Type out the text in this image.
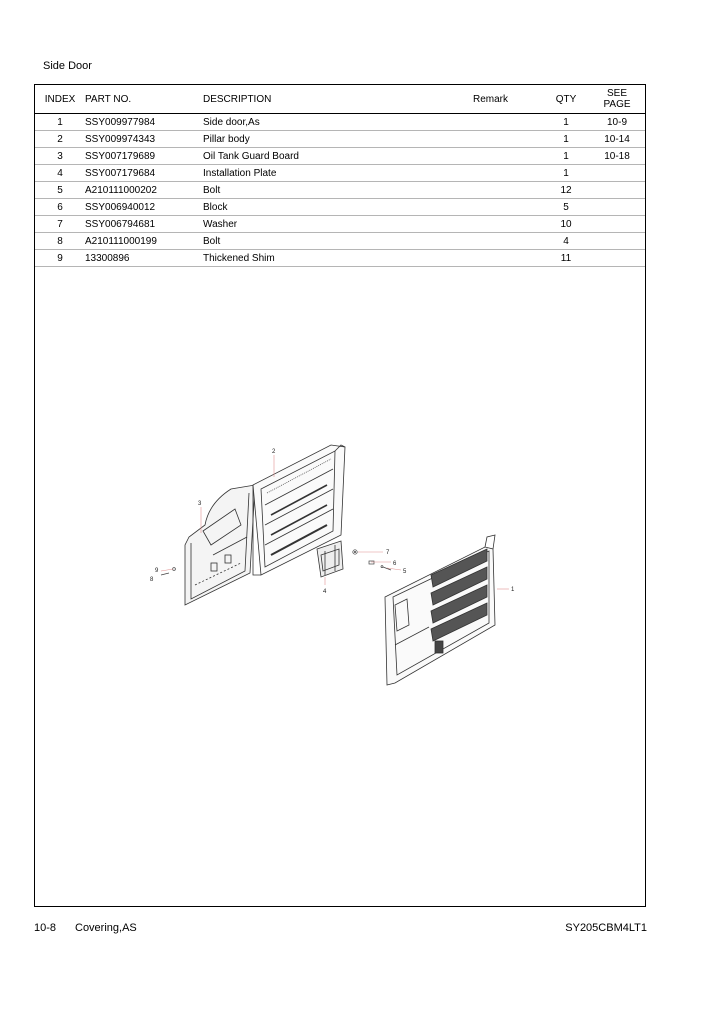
Side Door
INDEX	PART NO.	DESCRIPTION	Remark	QTY	SEE PAGE

1	SSY009977984	Side door,As		1	10-9
2	SSY009974343	Pillar body		1	10-14
3	SSY007179689	Oil Tank Guard Board		1	10-18
4	SSY007179684	Installation Plate		1	
5	A210111000202	Bolt		12	
6	SSY006940012	Block		5	
7	SSY006794681	Washer		10	
8	A210111000199	Bolt		4	
9	13300896	Thickened Shim		11	
1
2
3
4
5
6
7
8
9
10-8 Covering,AS	SY205CBM4LT1
